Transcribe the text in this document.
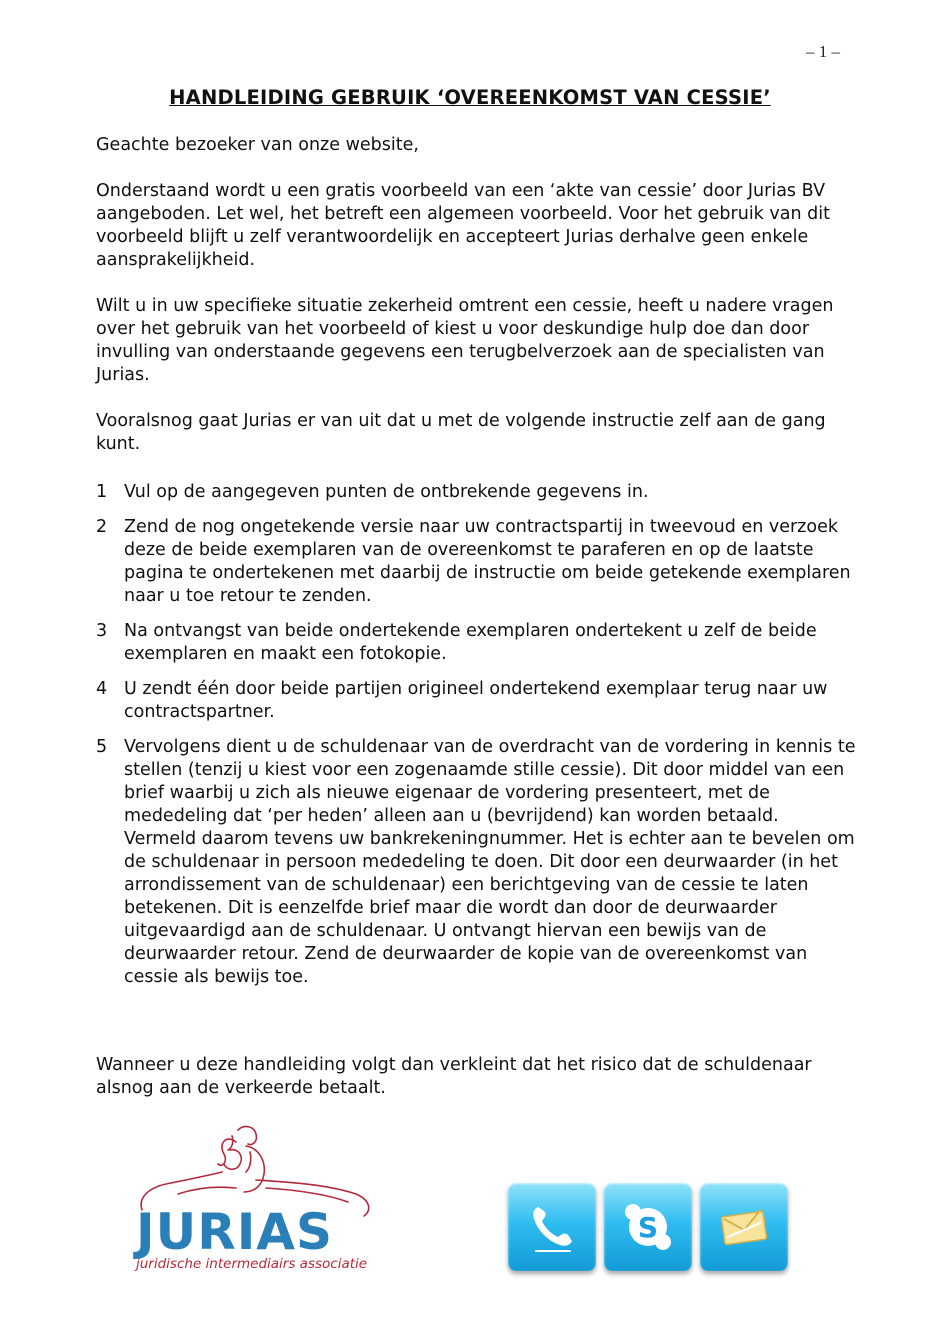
– 1 –
HANDLEIDING GEBRUIK ‘OVEREENKOMST VAN CESSIE’

Geachte bezoeker van onze website,

Onderstaand wordt u een gratis voorbeeld van een ‘akte van cessie’ door Jurias BV aangeboden. Let wel, het betreft een algemeen voorbeeld. Voor het gebruik van dit voorbeeld blijft u zelf verantwoordelijk en accepteert Jurias derhalve geen enkele aansprakelijkheid.

Wilt u in uw specifieke situatie zekerheid omtrent een cessie, heeft u nadere vragen over het gebruik van het voorbeeld of kiest u voor deskundige hulp doe dan door invulling van onderstaande gegevens een terugbelverzoek aan de specialisten van Jurias.

Vooralsnog gaat Jurias er van uit dat u met de volgende instructie zelf aan de gang kunt.

1 Vul op de aangegeven punten de ontbrekende gegevens in.
2 Zend de nog ongetekende versie naar uw contractspartij in tweevoud en verzoek deze de beide exemplaren van de overeenkomst te paraferen en op de laatste pagina te ondertekenen met daarbij de instructie om beide getekende exemplaren naar u toe retour te zenden.
3 Na ontvangst van beide ondertekende exemplaren ondertekent u zelf de beide exemplaren en maakt een fotokopie.
4 U zendt één door beide partijen origineel ondertekend exemplaar terug naar uw contractspartner.
5 Vervolgens dient u de schuldenaar van de overdracht van de vordering in kennis te stellen (tenzij u kiest voor een zogenaamde stille cessie). Dit door middel van een brief waarbij u zich als nieuwe eigenaar de vordering presenteert, met de mededeling dat ‘per heden’ alleen aan u (bevrijdend) kan worden betaald. Vermeld daarom tevens uw bankrekeningnummer. Het is echter aan te bevelen om de schuldenaar in persoon mededeling te doen. Dit door een deurwaarder (in het arrondissement van de schuldenaar) een berichtgeving van de cessie te laten betekenen. Dit is eenzelfde brief maar die wordt dan door de deurwaarder uitgevaardigd aan de schuldenaar. U ontvangt hiervan een bewijs van de deurwaarder retour. Zend de deurwaarder de kopie van de overeenkomst van cessie als bewijs toe.

Wanneer u deze handleiding volgt dan verkleint dat het risico dat de schuldenaar alsnog aan de verkeerde betaalt.

JURIAS
juridische intermediairs associatie
S
